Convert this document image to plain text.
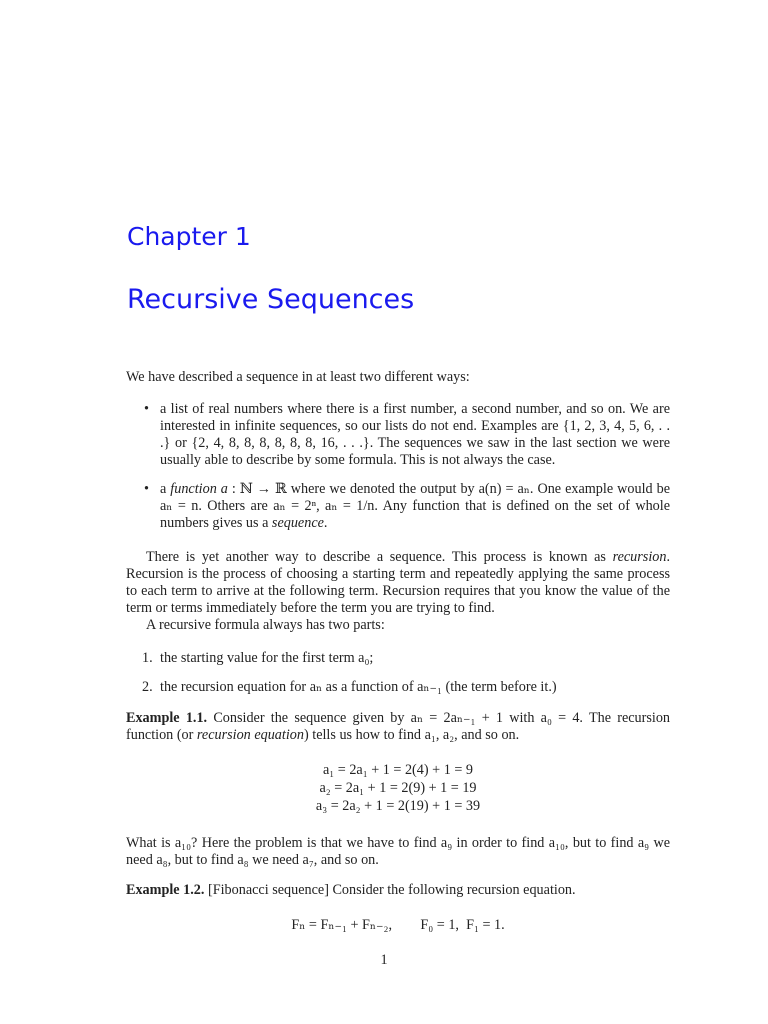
Chapter 1
Recursive Sequences

We have described a sequence in at least two different ways:

• a list of real numbers where there is a first number, a second number, and so on. We are interested in infinite sequences, so our lists do not end. Examples are {1, 2, 3, 4, 5, 6, . . .} or {2, 4, 8, 8, 8, 8, 8, 8, 16, . . .}. The sequences we saw in the last section we were usually able to describe by some formula. This is not always the case.
• a function a : ℕ → ℝ where we denoted the output by a(n) = aₙ. One example would be aₙ = n. Others are aₙ = 2ⁿ, aₙ = 1/n. Any function that is defined on the set of whole numbers gives us a sequence.

There is yet another way to describe a sequence. This process is known as recursion. Recursion is the process of choosing a starting term and repeatedly applying the same process to each term to arrive at the following term. Recursion requires that you know the value of the term or terms immediately before the term you are trying to find.

A recursive formula always has two parts:

1. the starting value for the first term a₀;
2. the recursion equation for aₙ as a function of aₙ₋₁ (the term before it.)

Example 1.1. Consider the sequence given by aₙ = 2aₙ₋₁ + 1 with a₀ = 4. The recursion function (or recursion equation) tells us how to find a₁, a₂, and so on.

a₁ = 2a₁ + 1 = 2(4) + 1 = 9
a₂ = 2a₁ + 1 = 2(9) + 1 = 19
a₃ = 2a₂ + 1 = 2(19) + 1 = 39

What is a₁₀? Here the problem is that we have to find a₉ in order to find a₁₀, but to find a₉ we need a₈, but to find a₈ we need a₇, and so on.

Example 1.2. [Fibonacci sequence] Consider the following recursion equation.

Fₙ = Fₙ₋₁ + Fₙ₋₂,        F₀ = 1,  F₁ = 1.
1
